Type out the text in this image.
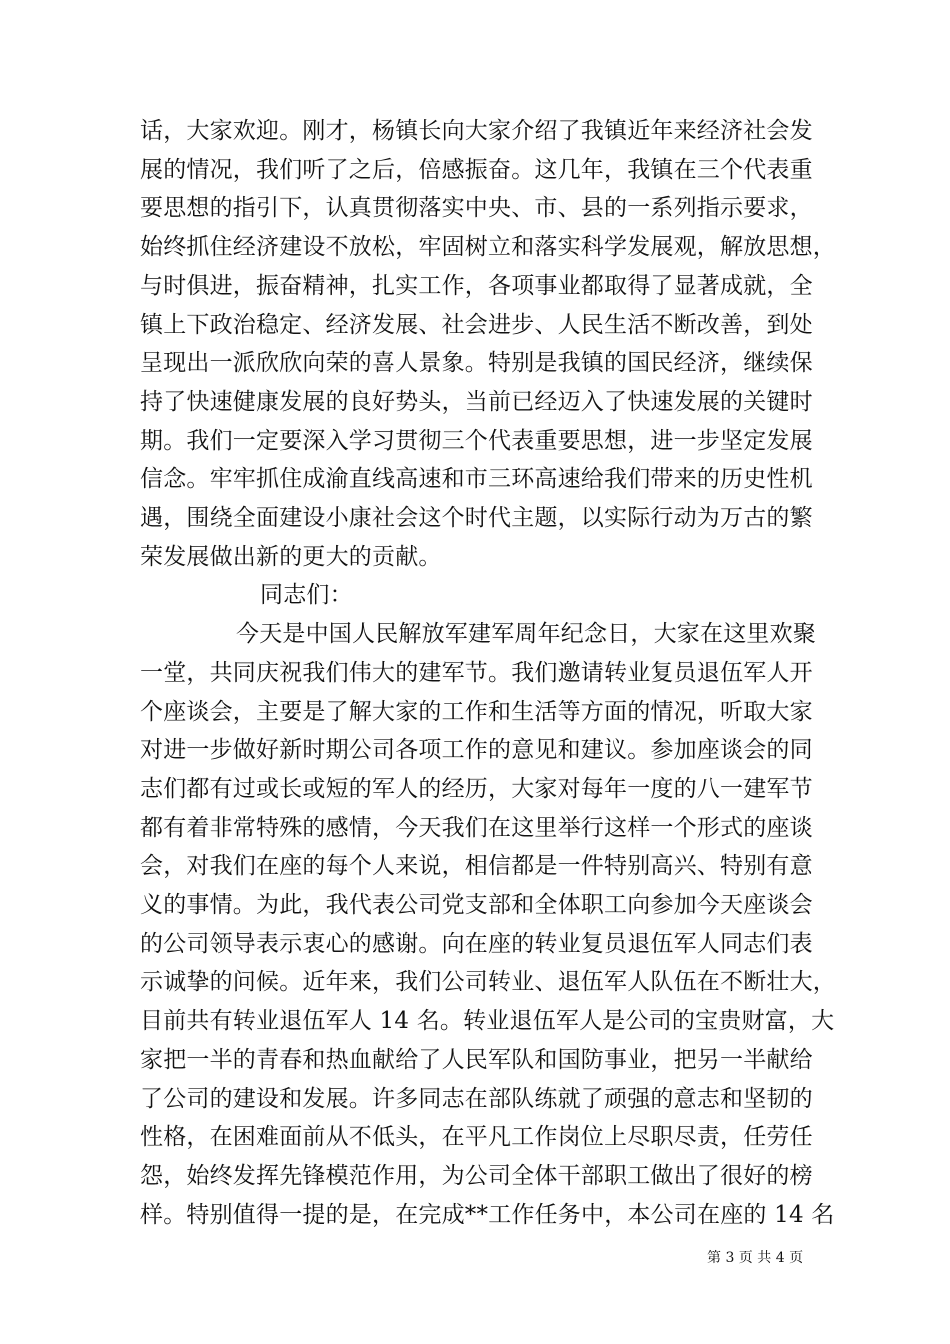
话，大家欢迎。刚才，杨镇长向大家介绍了我镇近年来经济社会发
展的情况，我们听了之后，倍感振奋。这几年，我镇在三个代表重
要思想的指引下，认真贯彻落实中央、市、县的一系列指示要求，
始终抓住经济建设不放松，牢固树立和落实科学发展观，解放思想，
与时俱进，振奋精神，扎实工作，各项事业都取得了显著成就，全
镇上下政治稳定、经济发展、社会进步、人民生活不断改善，到处
呈现出一派欣欣向荣的喜人景象。特别是我镇的国民经济，继续保
持了快速健康发展的良好势头，当前已经迈入了快速发展的关键时
期。我们一定要深入学习贯彻三个代表重要思想，进一步坚定发展
信念。牢牢抓住成渝直线高速和市三环高速给我们带来的历史性机
遇，围绕全面建设小康社会这个时代主题，以实际行动为万古的繁
荣发展做出新的更大的贡献。
同志们：
今天是中国人民解放军建军周年纪念日，大家在这里欢聚
一堂，共同庆祝我们伟大的建军节。我们邀请转业复员退伍军人开
个座谈会，主要是了解大家的工作和生活等方面的情况，听取大家
对进一步做好新时期公司各项工作的意见和建议。参加座谈会的同
志们都有过或长或短的军人的经历，大家对每年一度的八一建军节
都有着非常特殊的感情，今天我们在这里举行这样一个形式的座谈
会，对我们在座的每个人来说，相信都是一件特别高兴、特别有意
义的事情。为此，我代表公司党支部和全体职工向参加今天座谈会
的公司领导表示衷心的感谢。向在座的转业复员退伍军人同志们表
示诚挚的问候。近年来，我们公司转业、退伍军人队伍在不断壮大，
目前共有转业退伍军人 14 名。转业退伍军人是公司的宝贵财富，大
家把一半的青春和热血献给了人民军队和国防事业，把另一半献给
了公司的建设和发展。许多同志在部队练就了顽强的意志和坚韧的
性格，在困难面前从不低头，在平凡工作岗位上尽职尽责，任劳任
怨，始终发挥先锋模范作用，为公司全体干部职工做出了很好的榜
样。特别值得一提的是，在完成**工作任务中，本公司在座的 14 名
第 3 页 共 4 页
